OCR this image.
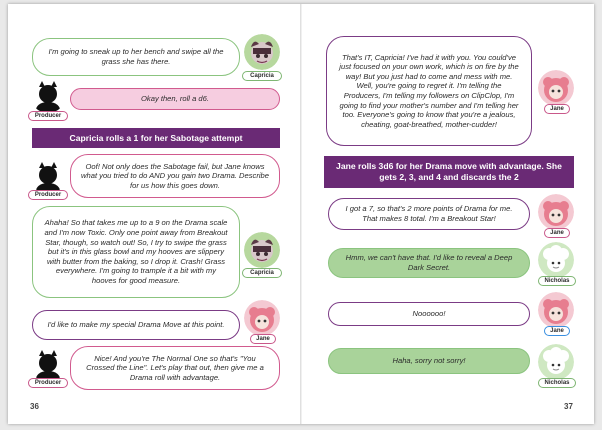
I'm going to sneak up to her bench and swipe all the grass she has there.
Capricia
Producer
Okay then, roll a d6.
Capricia rolls a 1 for her Sabotage attempt
Producer
Oof! Not only does the Sabotage fail, but Jane knows what you tried to do AND you gain two Drama. Describe for us how this goes down.
Ahaha! So that takes me up to a 9 on the Drama scale and I'm now Toxic. Only one point away from Breakout Star, though, so watch out! So, I try to swipe the grass but it's in this glass bowl and my hooves are slippery with butter from the baking, so I drop it. Crash! Grass everywhere. I'm going to trample it a bit with my hooves for good measure.
Capricia
I'd like to make my special Drama Move at this point.
Jane
Producer
Nice! And you're The Normal One so that's "You Crossed the Line". Let's play that out, then give me a Drama roll with advantage.
36
That's IT, Capricia! I've had it with you. You could've just focused on your own work, which is on fire by the way! But you just had to come and mess with me. Well, you're going to regret it. I'm telling the Producers, I'm telling my followers on ClipClop, I'm going to find your mother's number and I'm telling her too. Everyone's going to know that you're a jealous, cheating, goat-breathed, mother-cudder!
Jane
Jane rolls 3d6 for her Drama move with advantage. She gets 2, 3, and 4 and discards the 2
I got a 7, so that's 2 more points of Drama for me. That makes 8 total. I'm a Breakout Star!
Jane
Hmm, we can't have that. I'd like to reveal a Deep Dark Secret.
Nicholas
Noooooo!
Jane
Haha, sorry not sorry!
Nicholas
37
